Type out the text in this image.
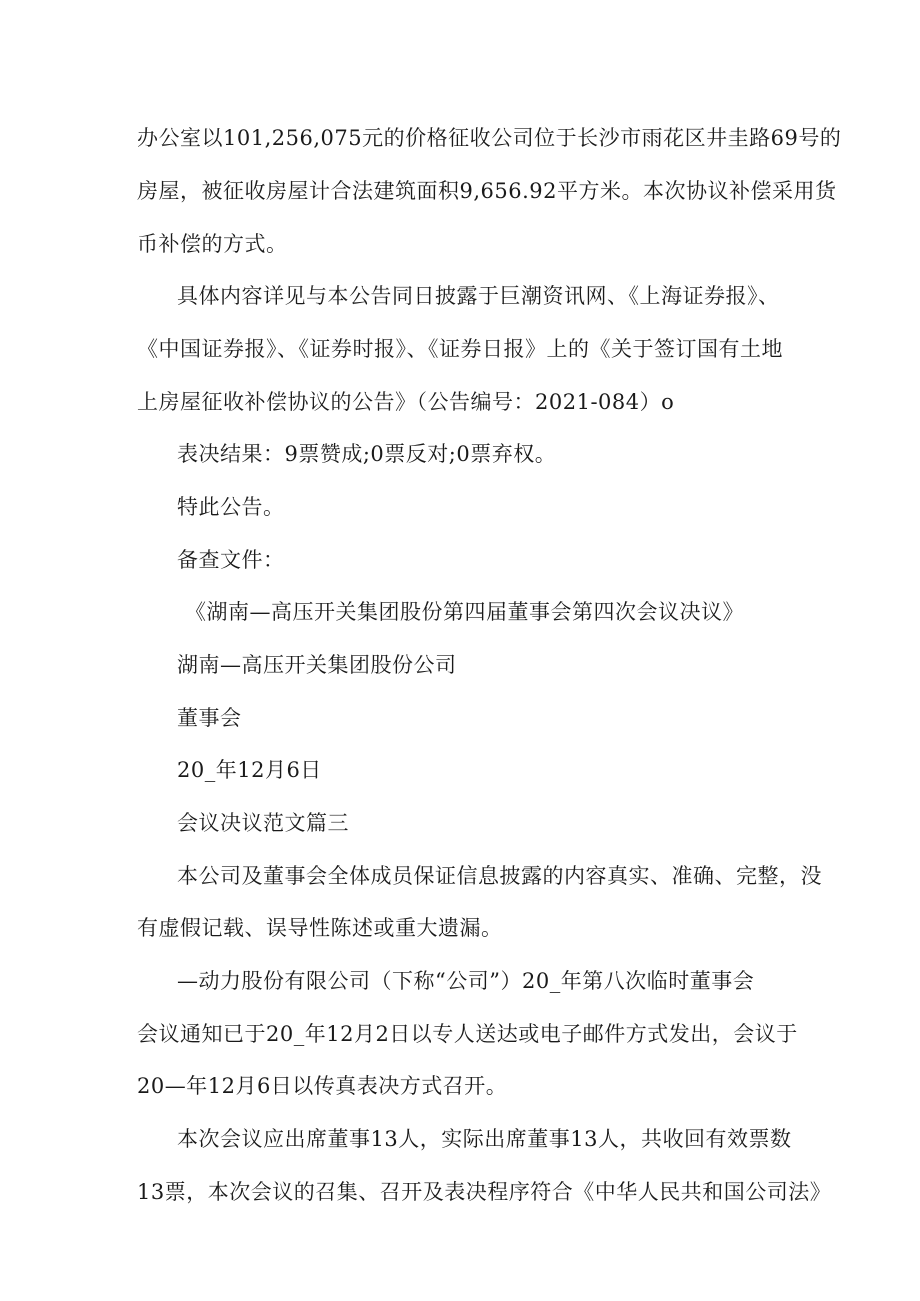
办公室以101,256,075元的价格征收公司位于长沙市雨花区井圭路69号的
房屋，被征收房屋计合法建筑面积9,656.92平方米。本次协议补偿采用货
币补偿的方式。
具体内容详见与本公告同日披露于巨潮资讯网、《上海证券报》、
《中国证券报》、《证券时报》、《证券日报》上的《关于签订国有土地
上房屋征收补偿协议的公告》（公告编号：2021-084）o
表决结果：9票赞成;0票反对;0票弃权。
特此公告。
备查文件：
《湖南—高压开关集团股份第四届董事会第四次会议决议》
湖南—高压开关集团股份公司
董事会
20_年12月6日
会议决议范文篇三
本公司及董事会全体成员保证信息披露的内容真实、准确、完整，没
有虚假记载、误导性陈述或重大遗漏。
—动力股份有限公司（下称“公司”）20_年第八次临时董事会
会议通知已于20_年12月2日以专人送达或电子邮件方式发出，会议于
20—年12月6日以传真表决方式召开。
本次会议应出席董事13人，实际出席董事13人，共收回有效票数
13票，本次会议的召集、召开及表决程序符合《中华人民共和国公司法》
